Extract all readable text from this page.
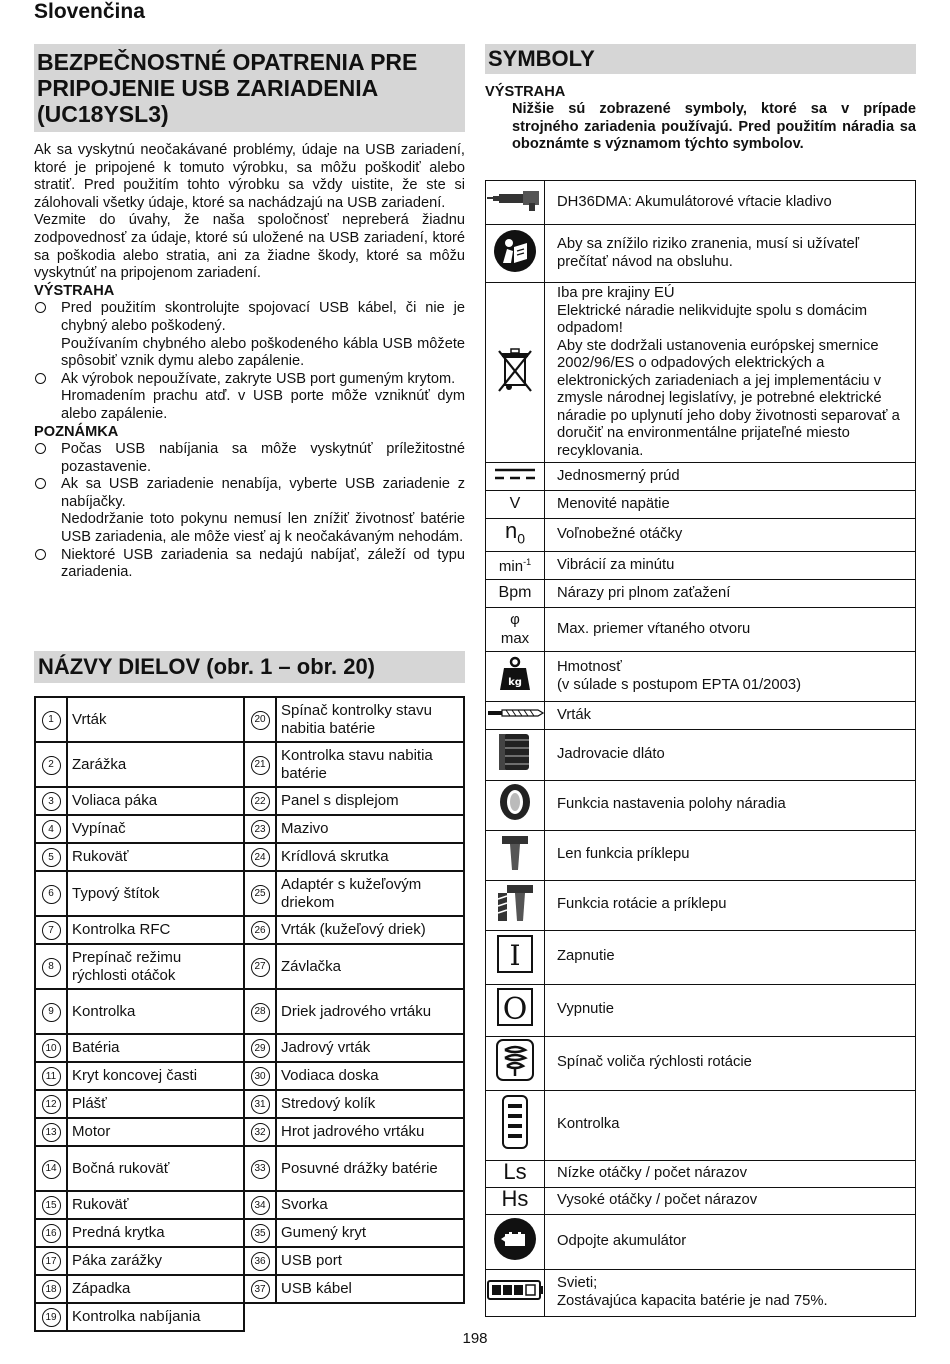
Slovenčina
BEZPEČNOSTNÉ OPATRENIA PRE PRIPOJENIE USB ZARIADENIA (UC18YSL3)

Ak sa vyskytnú neočakávané problémy, údaje na USB zariadení, ktoré je pripojené k tomuto výrobku, sa môžu poškodiť alebo stratiť. Pred použitím tohto výrobku sa vždy uistite, že ste si zálohovali všetky údaje, ktoré sa nachádzajú na USB zariadení.

Vezmite do úvahy, že naša spoločnosť nepreberá žiadnu zodpovednosť za údaje, ktoré sú uložené na USB zariadení, ktoré sa poškodia alebo stratia, ani za žiadne škody, ktoré sa môžu vyskytnúť na pripojenom zariadení.

VÝSTRAHA

Pred použitím skontrolujte spojovací USB kábel, či nie je chybný alebo poškodený.

Používaním chybného alebo poškodeného kábla USB môžete spôsobiť vznik dymu alebo zapálenie.

Ak výrobok nepoužívate, zakryte USB port gumeným krytom.

Hromadením prachu atď. v USB porte môže vzniknúť dym alebo zapálenie.

POZNÁMKA

Počas USB nabíjania sa môže vyskytnúť príležitostné pozastavenie.

Ak sa USB zariadenie nenabíja, vyberte USB zariadenie z nabíjačky.

Nedodržanie toto pokynu nemusí len znížiť životnosť batérie USB zariadenia, ale môže viesť aj k neočakávaným nehodám.

Niektoré USB zariadenia sa nedajú nabíjať, záleží od typu zariadenia.

NÁZVY DIELOV (obr. 1 – obr. 20)
1	Vrták	20	Spínač kontrolky stavu nabitia batérie
2	Zarážka	21	Kontrolka stavu nabitia batérie
3	Voliaca páka	22	Panel s displejom
4	Vypínač	23	Mazivo
5	Rukoväť	24	Krídlová skrutka
6	Typový štítok	25	Adaptér s kužeľovým driekom
7	Kontrolka RFC	26	Vrták (kužeľový driek)
8	Prepínač režimu rýchlosti otáčok	27	Závlačka
9	Kontrolka	28	Driek jadrového vrtáku
10	Batéria	29	Jadrový vrták
11	Kryt koncovej časti	30	Vodiaca doska
12	Plášť	31	Stredový kolík
13	Motor	32	Hrot jadrového vrtáku
14	Bočná rukoväť	33	Posuvné drážky batérie
15	Rukoväť	34	Svorka
16	Predná krytka	35	Gumený kryt
17	Páka zarážky	36	USB port
18	Západka	37	USB kábel
19	Kontrolka nabíjania		
SYMBOLY
VÝSTRAHA

Nižšie sú zobrazené symboly, ktoré sa v prípade strojného zariadenia používajú. Pred použitím náradia sa oboznámte s významom týchto symbolov.

	DH36DMA: Akumulátorové vŕtacie kladivo
	Aby sa znížilo riziko zranenia, musí si užívateľ prečítať návod na obsluhu.
	Iba pre krajiny EÚ
Elektrické náradie nelikvidujte spolu s domácim odpadom!
Aby ste dodržali ustanovenia európskej smernice 2002/96/ES o odpadových elektrických a elektronických zariadeniach a jej implementáciu v zmysle národnej legislatívy, je potrebné elektrické náradie po uplynutí jeho doby životnosti separovať a doručiť na environmentálne prijateľné miesto recyklovania.
	Jednosmerný prúd
V	Menovité napätie
$n_0$	Voľnobežné otáčky
$\min^{-1}$	Vibrácií za minútu
Bpm	Nárazy pri plnom zaťažení
φ
max	Max. priemer vŕtaného otvoru

kg	Hmotnosť
(v súlade s postupom EPTA 01/2003)
	Vrták
	Jadrovacie dláto
	Funkcia nastavenia polohy náradia
	Len funkcia príklepu
	Funkcia rotácie a príklepu

I	Zapnutie

O	Vypnutie
	Spínač voliča rýchlosti rotácie
	Kontrolka
Ls	Nízke otáčky / počet nárazov
Hs	Vysoké otáčky / počet nárazov
	Odpojte akumulátor
	Svieti;
Zostávajúca kapacita batérie je nad 75%.
198
